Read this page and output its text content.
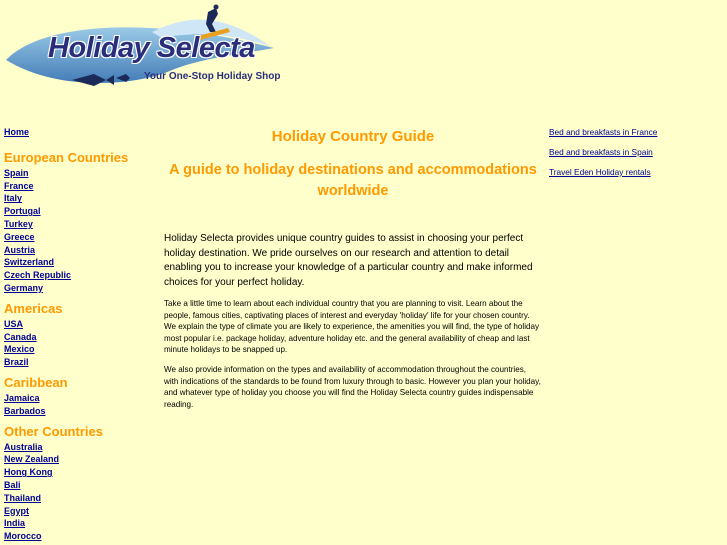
Holiday Selecta
Your One-Stop Holiday Shop
Home
European Countries
Spain
France
Italy
Portugal
Turkey
Greece
Austria
Switzerland
Czech Republic
Germany
Americas
USA
Canada
Mexico
Brazil
Caribbean
Jamaica
Barbados
Other Countries
Australia
New Zealand
Hong Kong
Bali
Thailand
Egypt
India
Morocco
Holiday Country Guide
A guide to holiday destinations and accommodations worldwide

Holiday Selecta provides unique country guides to assist in choosing your perfect holiday destination. We pride ourselves on our research and attention to detail enabling you to increase your knowledge of a particular country and make informed choices for your perfect holiday.

Take a little time to learn about each individual country that you are planning to visit. Learn about the people, famous cities, captivating places of interest and everyday 'holiday' life for your chosen country. We explain the type of climate you are likely to experience, the amenities you will find, the type of holiday most popular i.e. package holiday, adventure holiday etc. and the general availability of cheap and last minute holidays to be snapped up.

We also provide information on the types and availability of accommodation throughout the countries, with indications of the standards to be found from luxury through to basic. However you plan your holiday, and whatever type of holiday you choose you will find the Holiday Selecta country guides indispensable reading.

Bed and breakfasts in France
Bed and breakfasts in Spain
Travel Eden Holiday rentals
